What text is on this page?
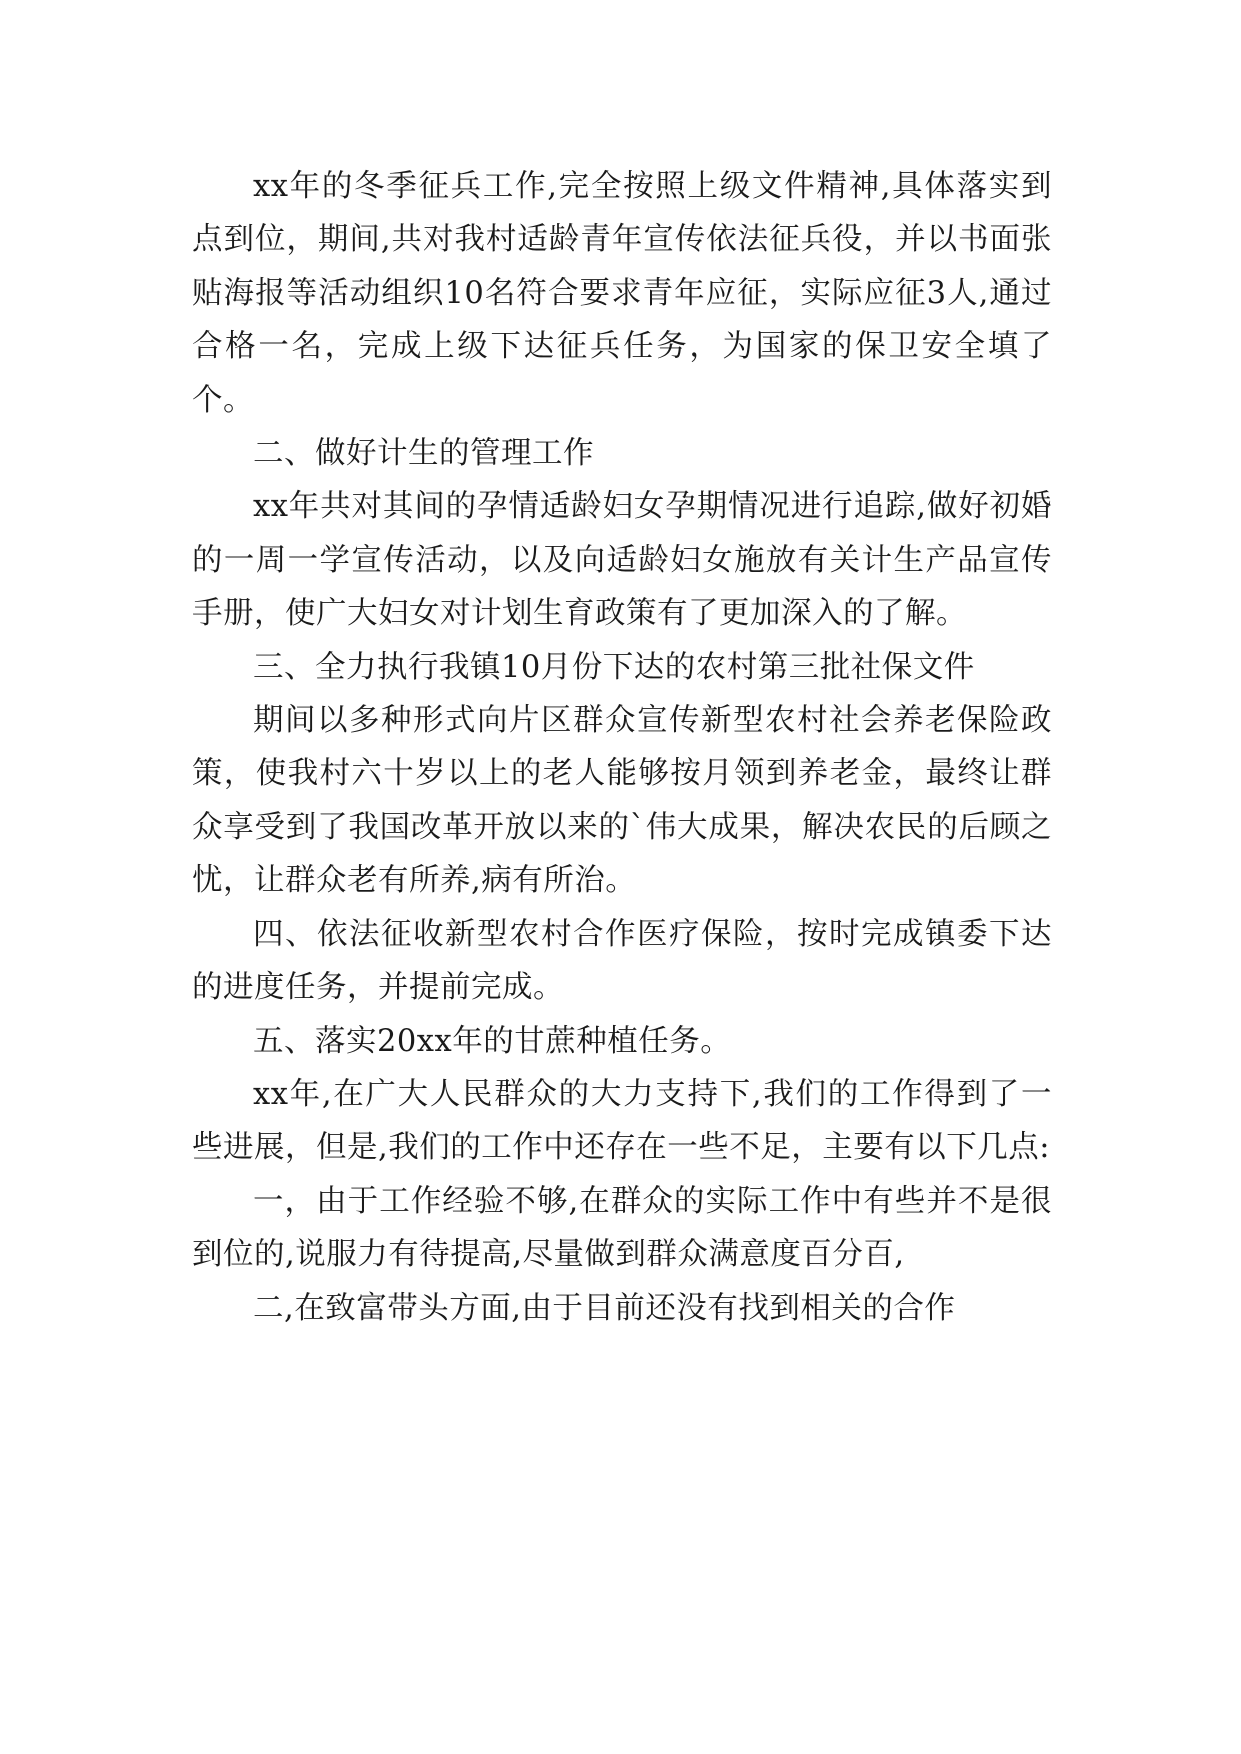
xx年的冬季征兵工作,完全按照上级文件精神,具体落实到点到位，期间,共对我村适龄青年宣传依法征兵役，并以书面张贴海报等活动组织10名符合要求青年应征，实际应征3人,通过合格一名，完成上级下达征兵任务，为国家的保卫安全填了个。

二、做好计生的管理工作

xx年共对其间的孕情适龄妇女孕期情况进行追踪,做好初婚的一周一学宣传活动，以及向适龄妇女施放有关计生产品宣传手册，使广大妇女对计划生育政策有了更加深入的了解。

三、全力执行我镇10月份下达的农村第三批社保文件

期间以多种形式向片区群众宣传新型农村社会养老保险政策，使我村六十岁以上的老人能够按月领到养老金，最终让群众享受到了我国改革开放以来的`伟大成果，解决农民的后顾之忧，让群众老有所养,病有所治。

四、依法征收新型农村合作医疗保险，按时完成镇委下达的进度任务，并提前完成。

五、落实20xx年的甘蔗种植任务。

xx年,在广大人民群众的大力支持下,我们的工作得到了一些进展，但是,我们的工作中还存在一些不足，主要有以下几点:

一，由于工作经验不够,在群众的实际工作中有些并不是很到位的,说服力有待提高,尽量做到群众满意度百分百,

二,在致富带头方面,由于目前还没有找到相关的合作
